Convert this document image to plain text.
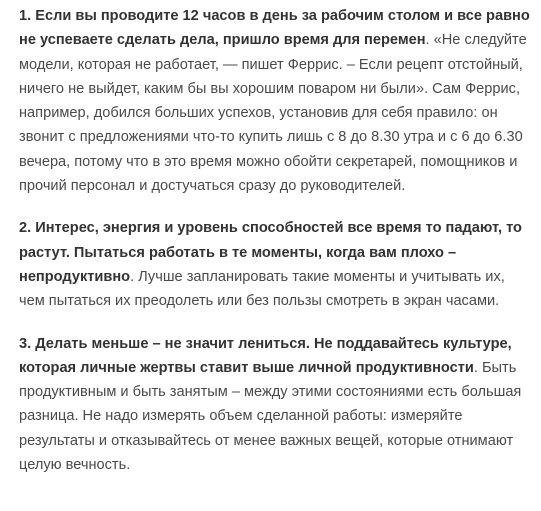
1. Если вы проводите 12 часов в день за рабочим столом и все равно не успеваете сделать дела, пришло время для перемен. «Не следуйте модели, которая не работает, — пишет Феррис. – Если рецепт отстойный, ничего не выйдет, каким бы вы хорошим поваром ни были». Сам Феррис, например, добился больших успехов, установив для себя правило: он звонит с предложениями что-то купить лишь с 8 до 8.30 утра и с 6 до 6.30 вечера, потому что в это время можно обойти секретарей, помощников и прочий персонал и достучаться сразу до руководителей.

2. Интерес, энергия и уровень способностей все время то падают, то растут. Пытаться работать в те моменты, когда вам плохо – непродуктивно. Лучше запланировать такие моменты и учитывать их, чем пытаться их преодолеть или без пользы смотреть в экран часами.

3. Делать меньше – не значит лениться. Не поддавайтесь культуре, которая личные жертвы ставит выше личной продуктивности. Быть продуктивным и быть занятым – между этими состояниями есть большая разница. Не надо измерять объем сделанной работы: измеряйте результаты и отказывайтесь от менее важных вещей, которые отнимают целую вечность.
